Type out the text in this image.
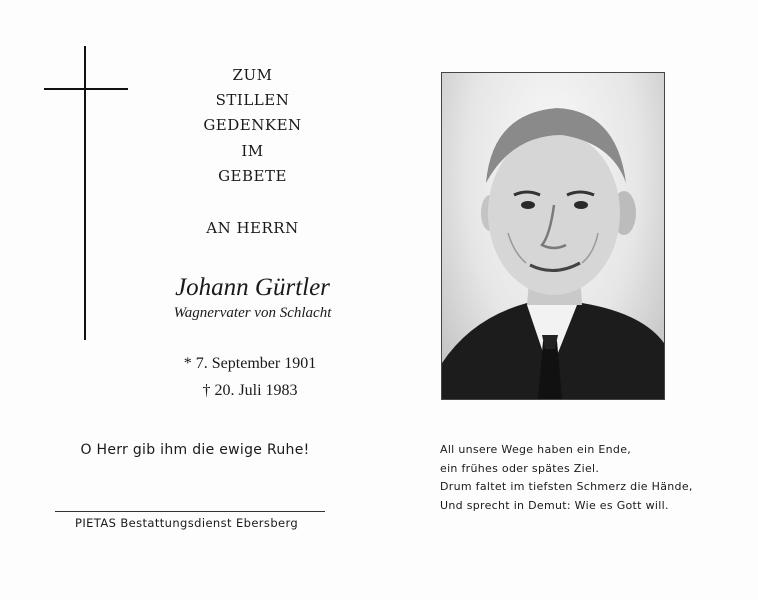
ZUM
STILLEN
GEDENKEN
IM
GEBETE
AN HERRN
Johann Gürtler
Wagnervater von Schlacht
* 7. September 1901
† 20. Juli 1983
O Herr gib ihm die ewige Ruhe!
PIETAS Bestattungsdienst Ebersberg
All unsere Wege haben ein Ende,
ein frühes oder spätes Ziel.
Drum faltet im tiefsten Schmerz die Hände,
Und sprecht in Demut: Wie es Gott will.
